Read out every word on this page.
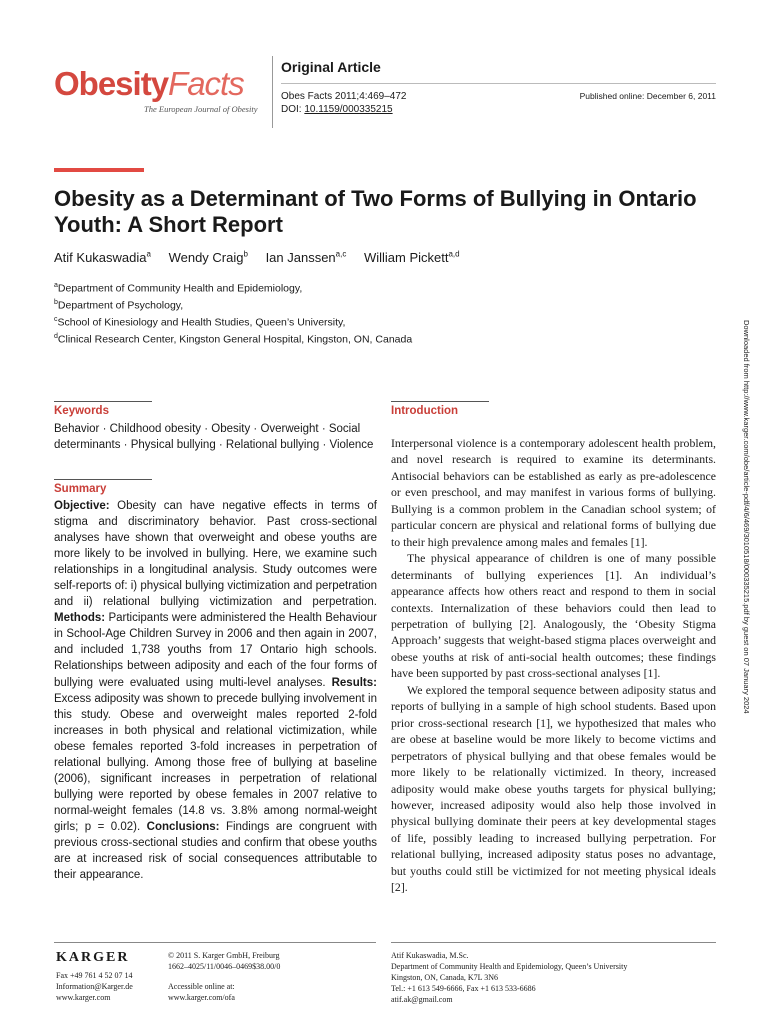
ObesityFacts
The European Journal of Obesity
Original Article
Obes Facts 2011;4:469–472
DOI: 10.1159/000335215
Published online: December 6, 2011
Obesity as a Determinant of Two Forms of Bullying in Ontario Youth: A Short Report
Atif Kukaswadia$^a$ Wendy Craig$^b$ Ian Janssen$^{a,c}$ William Pickett$^{a,d}$
$^a$Department of Community Health and Epidemiology,
$^b$Department of Psychology,
$^c$School of Kinesiology and Health Studies, Queen’s University,
$^d$Clinical Research Center, Kingston General Hospital, Kingston, ON, Canada
Keywords
Behavior · Childhood obesity · Obesity · Overweight · Social determinants · Physical bullying · Relational bullying · Violence
Summary
Objective: Obesity can have negative effects in terms of stigma and discriminatory behavior. Past cross-sectional analyses have shown that overweight and obese youths are more likely to be involved in bullying. Here, we examine such relationships in a longitudinal analysis. Study outcomes were self-reports of: i) physical bullying victimization and perpetration and ii) relational bullying victimization and perpetration. Methods: Participants were administered the Health Behaviour in School-Age Children Survey in 2006 and then again in 2007, and included 1,738 youths from 17 Ontario high schools. Relationships between adiposity and each of the four forms of bullying were evaluated using multi-level analyses. Results: Excess adiposity was shown to precede bullying involvement in this study. Obese and overweight males reported 2-fold increases in both physical and relational victimization, while obese females reported 3-fold increases in perpetration of relational bullying. Among those free of bullying at baseline (2006), significant increases in perpetration of relational bullying were reported by obese females in 2007 relative to normal-weight females (14.8 vs. 3.8% among normal-weight girls; p = 0.02). Conclusions: Findings are congruent with previous cross-sectional studies and confirm that obese youths are at increased risk of social consequences attributable to their appearance.
Introduction

Interpersonal violence is a contemporary adolescent health problem, and novel research is required to examine its determinants. Antisocial behaviors can be established as early as pre-adolescence or even preschool, and may manifest in various forms of bullying. Bullying is a common problem in the Canadian school system; of particular concern are physical and relational forms of bullying due to their high prevalence among males and females [1].

The physical appearance of children is one of many possible determinants of bullying experiences [1]. An individual’s appearance affects how others react and respond to them in social contexts. Internalization of these behaviors could then lead to perpetration of bullying [2]. Analogously, the ‘Obesity Stigma Approach’ suggests that weight-based stigma places overweight and obese youths at risk of anti-social health outcomes; these findings have been supported by past cross-sectional analyses [1].

We explored the temporal sequence between adiposity status and reports of bullying in a sample of high school students. Based upon prior cross-sectional research [1], we hypothesized that males who are obese at baseline would be more likely to become victims and perpetrators of physical bullying and that obese females would be more likely to be relationally victimized. In theory, increased adiposity would make obese youths targets for physical bullying; however, increased adiposity would also help those involved in physical bullying dominate their peers at key developmental stages of life, possibly leading to increased bullying perpetration. For relational bullying, increased adiposity status poses no advantage, but youths could still be victimized for not meeting physical ideals [2].

Downloaded from http://www.karger.com/obe/article-pdf/4/6/469/3010518/000335215.pdf by guest on 07 January 2024
KARGER
Fax +49 761 4 52 07 14
Information@Karger.de
www.karger.com
© 2011 S. Karger GmbH, Freiburg
1662–4025/11/0046–0469$38.00/0
Accessible online at:
www.karger.com/ofa
Atif Kukaswadia, M.Sc.
Department of Community Health and Epidemiology, Queen’s University
Kingston, ON, Canada, K7L 3N6
Tel.: +1 613 549-6666, Fax +1 613 533-6686
atif.ak@gmail.com
